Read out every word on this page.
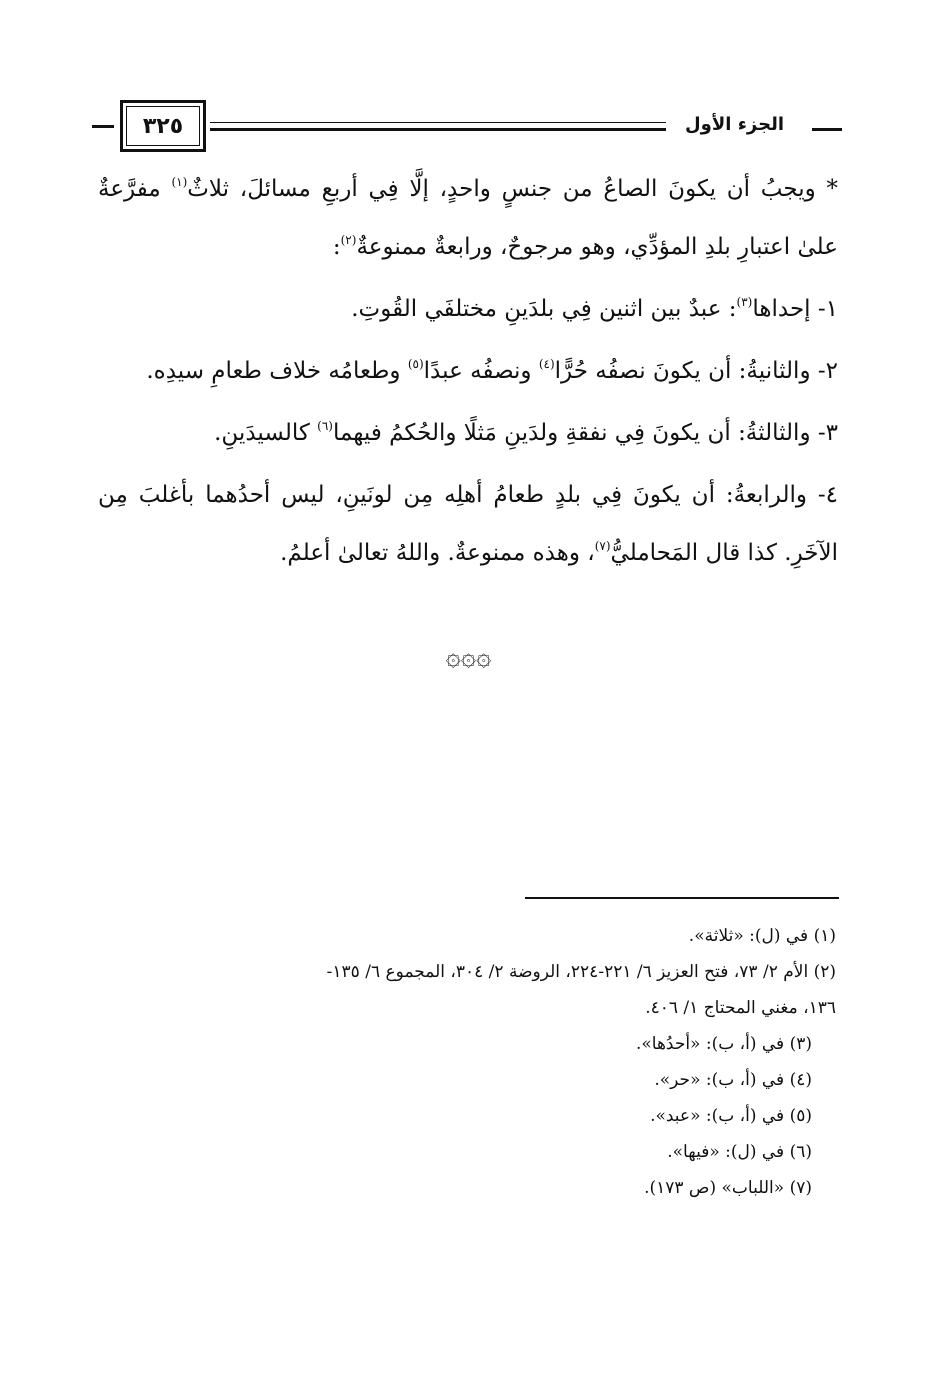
الجزء الأول
٣٢٥

* ويجبُ أن يكونَ الصاعُ من جنسٍ واحدٍ، إلَّا فِي أربعِ مسائلَ، ثلاثٌ$^{(١)}$ مفرَّعةٌ علىٰ اعتبارِ بلدِ المؤدِّي، وهو مرجوحٌ، ورابعةٌ ممنوعةٌ$^{(٢)}$:

١- إحداها$^{(٣)}$: عبدٌ بين اثنين فِي بلدَينِ مختلفَي القُوتِ.

٢- والثانيةُ: أن يكونَ نصفُه حُرًّا$^{(٤)}$ ونصفُه عبدًا$^{(٥)}$ وطعامُه خلاف طعامِ سيدِه.

٣- والثالثةُ: أن يكونَ فِي نفقةِ ولدَينِ مَثلًا والحُكمُ فيهما$^{(٦)}$ كالسيدَينِ.

٤- والرابعةُ: أن يكونَ فِي بلدٍ طعامُ أهلِه مِن لونَينِ، ليس أحدُهما بأغلبَ مِن الآخَرِ. كذا قال المَحامليُّ$^{(٧)}$، وهذه ممنوعةٌ. واللهُ تعالىٰ أعلمُ.

۞۞۞
(١) في (ل): «ثلاثة».
(٢) الأم ٢/ ٧٣، فتح العزيز ٦/ ٢٢١-٢٢٤، الروضة ٢/ ٣٠٤، المجموع ٦/ ١٣٥-
١٣٦، مغني المحتاج ١/ ٤٠٦.
(٣) في (أ، ب): «أحدُها».
(٤) في (أ، ب): «حر».
(٥) في (أ، ب): «عبد».
(٦) في (ل): «فيها».
(٧) «اللباب» (ص ١٧٣).
